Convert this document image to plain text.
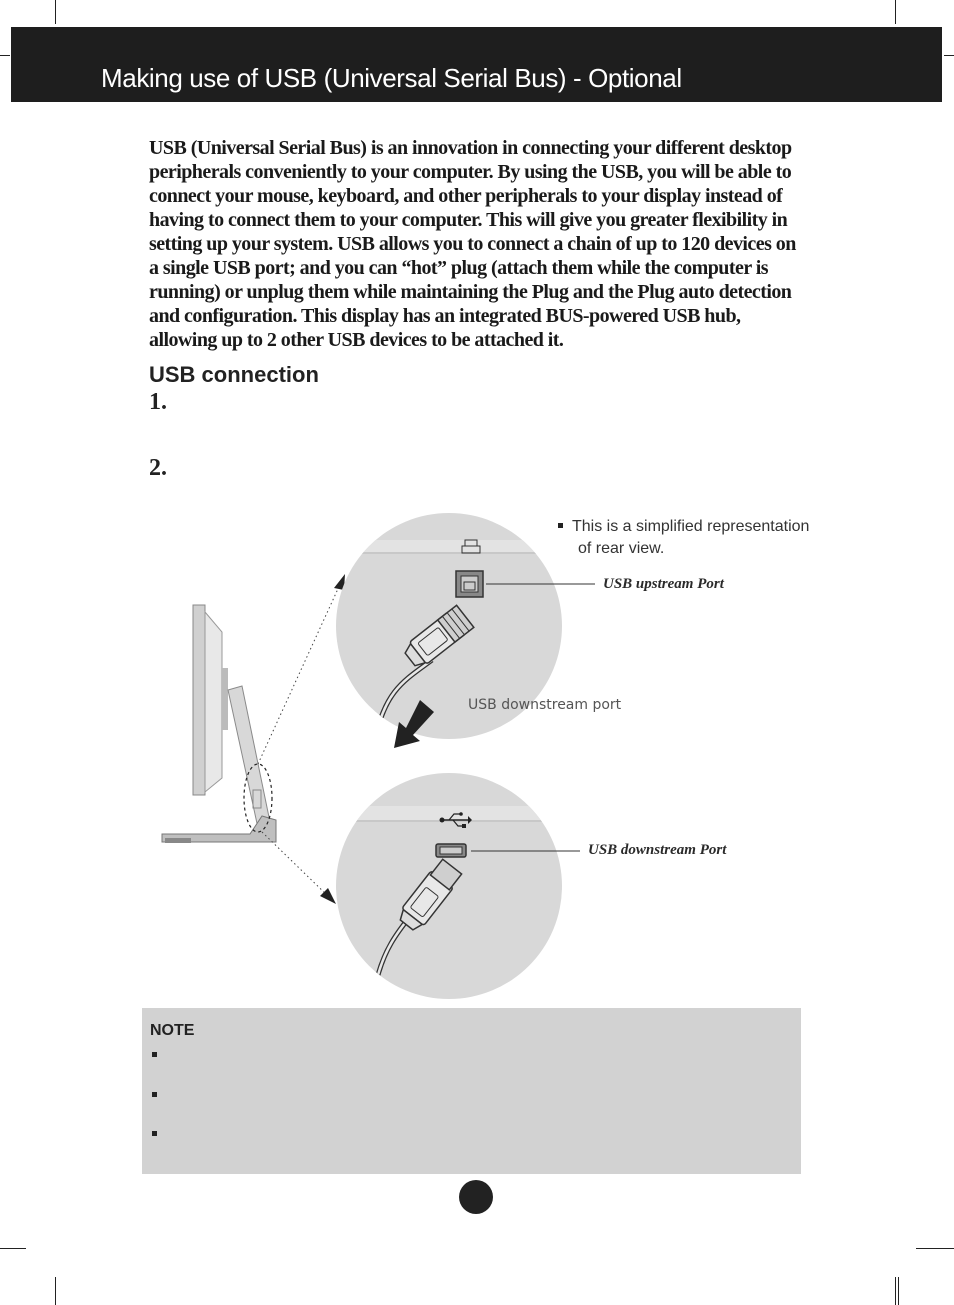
Making use of USB (Universal Serial Bus) - Optional

USB (Universal Serial Bus) is an innovation in connecting your different desktop peripherals conveniently to your computer. By using the USB, you will be able to connect your mouse, keyboard, and other peripherals to your display instead of having to connect them to your computer. This will give you greater flexibility in setting up your system. USB allows you to connect a chain of up to 120 devices on a single USB port; and you can “hot” plug (attach them while the computer is running) or unplug them while maintaining the Plug and the Plug auto detection and configuration. This display has an integrated BUS-powered USB hub, allowing up to 2 other USB devices to be attached it.

USB connection
1.
2.
This is a simplified representation
of rear view.
USB upstream Port
USB downstream port
USB downstream Port
NOTE
